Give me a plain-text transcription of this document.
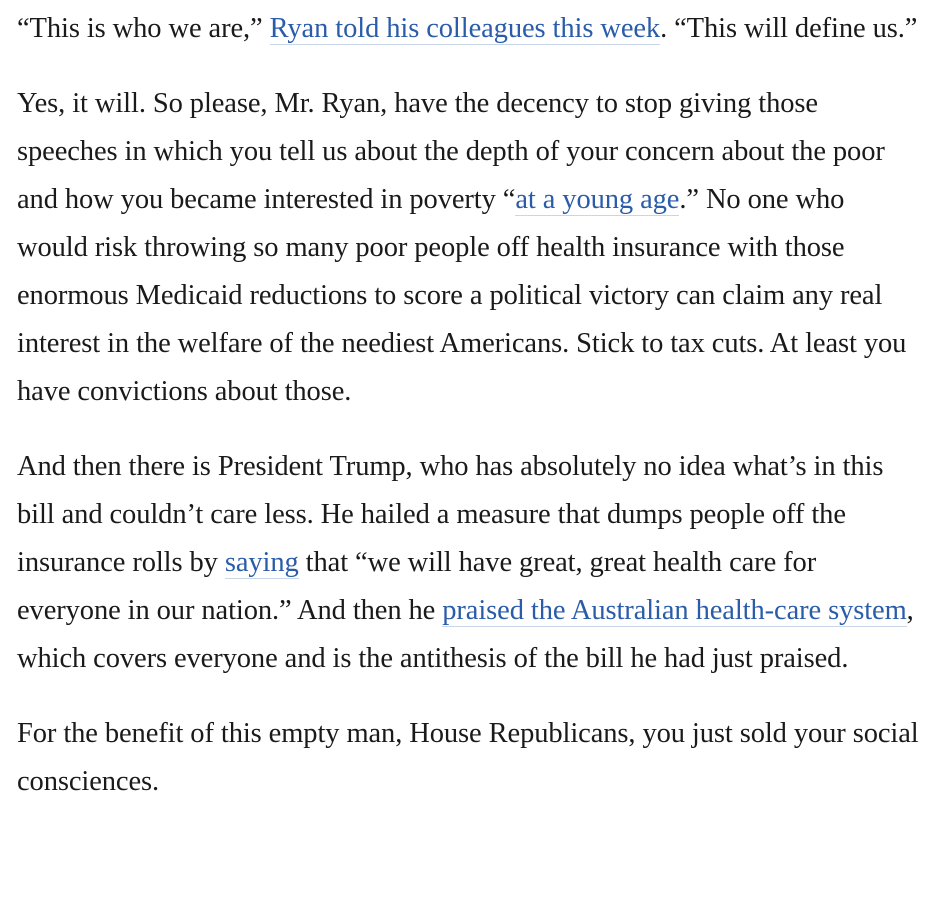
“This is who we are,” Ryan told his colleagues this week. “This will define us.”

Yes, it will. So please, Mr. Ryan, have the decency to stop giving those speeches in which you tell us about the depth of your concern about the poor and how you became interested in poverty “at a young age.” No one who would risk throwing so many poor people off health insurance with those enormous Medicaid reductions to score a political victory can claim any real interest in the welfare of the neediest Americans. Stick to tax cuts. At least you have convictions about those.

And then there is President Trump, who has absolutely no idea what’s in this bill and couldn’t care less. He hailed a measure that dumps people off the insurance rolls by saying that “we will have great, great health care for everyone in our nation.” And then he praised the Australian health-care system, which covers everyone and is the antithesis of the bill he had just praised.

For the benefit of this empty man, House Republicans, you just sold your social consciences.
